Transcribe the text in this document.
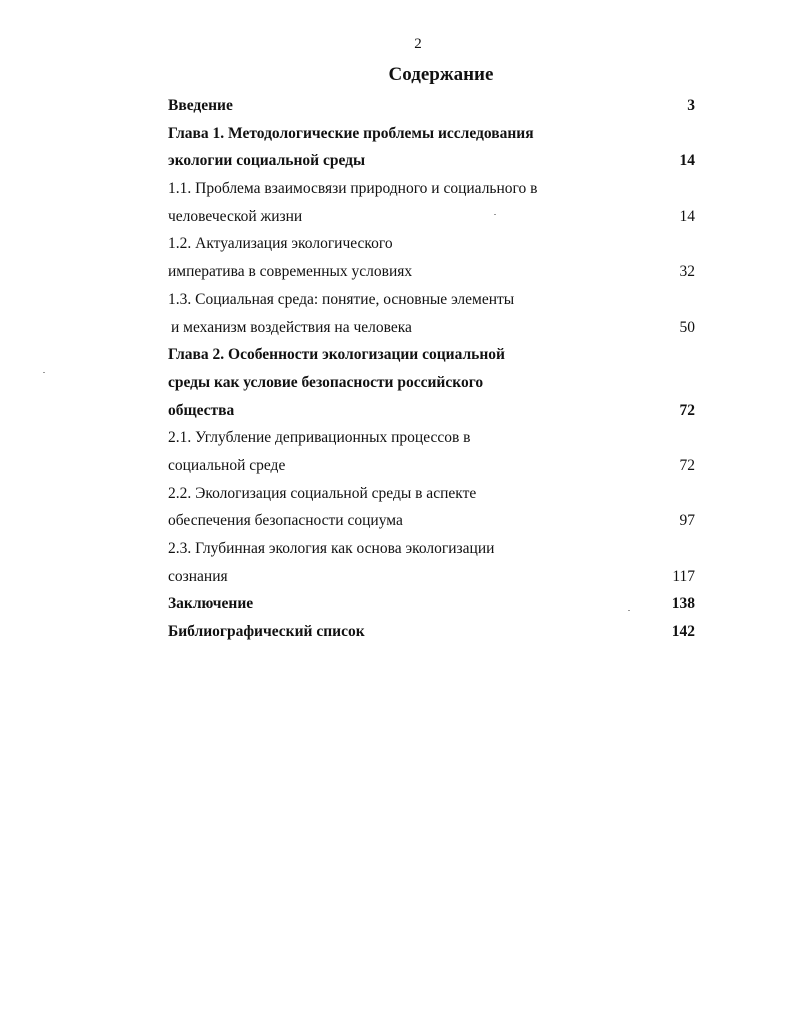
2
Содержание
Введение	3
Глава 1. Методологические проблемы исследования
экологии социальной среды	14
1.1. Проблема взаимосвязи природного и социального в
человеческой жизни	14
1.2. Актуализация экологического
императива в современных условиях	32
1.3. Социальная среда: понятие, основные элементы
и механизм воздействия на человека	50
Глава 2. Особенности экологизации социальной
среды как условие безопасности российского
общества	72
2.1. Углубление депривационных процессов в
социальной среде	72
2.2. Экологизация социальной среды в аспекте
обеспечения безопасности социума	97
2.3. Глубинная экология как основа экологизации
сознания	117
Заключение	138
Библиографический список	142
